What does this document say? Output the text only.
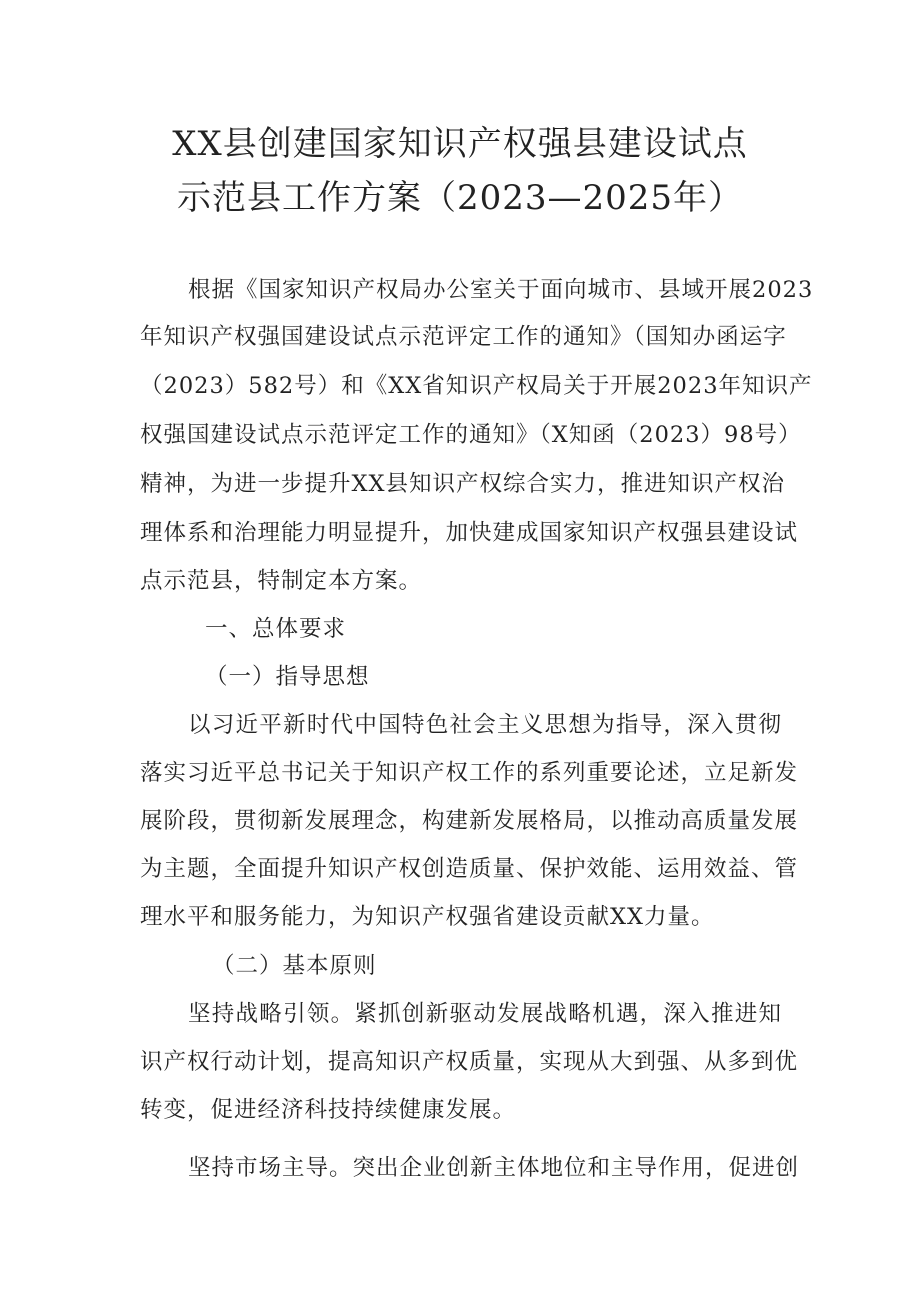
XX县创建国家知识产权强县建设试点
示范县工作方案（2023—2025年）
根据《国家知识产权局办公室关于面向城市、县域开展2023
年知识产权强国建设试点示范评定工作的通知》（国知办函运字
（2023）582号）和《XX省知识产权局关于开展2023年知识产
权强国建设试点示范评定工作的通知》（X知函（2023）98号）
精神，为进一步提升XX县知识产权综合实力，推进知识产权治
理体系和治理能力明显提升，加快建成国家知识产权强县建设试
点示范县，特制定本方案。
一、总体要求
（一）指导思想
以习近平新时代中国特色社会主义思想为指导，深入贯彻
落实习近平总书记关于知识产权工作的系列重要论述，立足新发
展阶段，贯彻新发展理念，构建新发展格局，以推动高质量发展
为主题，全面提升知识产权创造质量、保护效能、运用效益、管
理水平和服务能力，为知识产权强省建设贡献XX力量。
（二）基本原则
坚持战略引领。紧抓创新驱动发展战略机遇，深入推进知
识产权行动计划，提高知识产权质量，实现从大到强、从多到优
转变，促进经济科技持续健康发展。
坚持市场主导。突出企业创新主体地位和主导作用，促进创
